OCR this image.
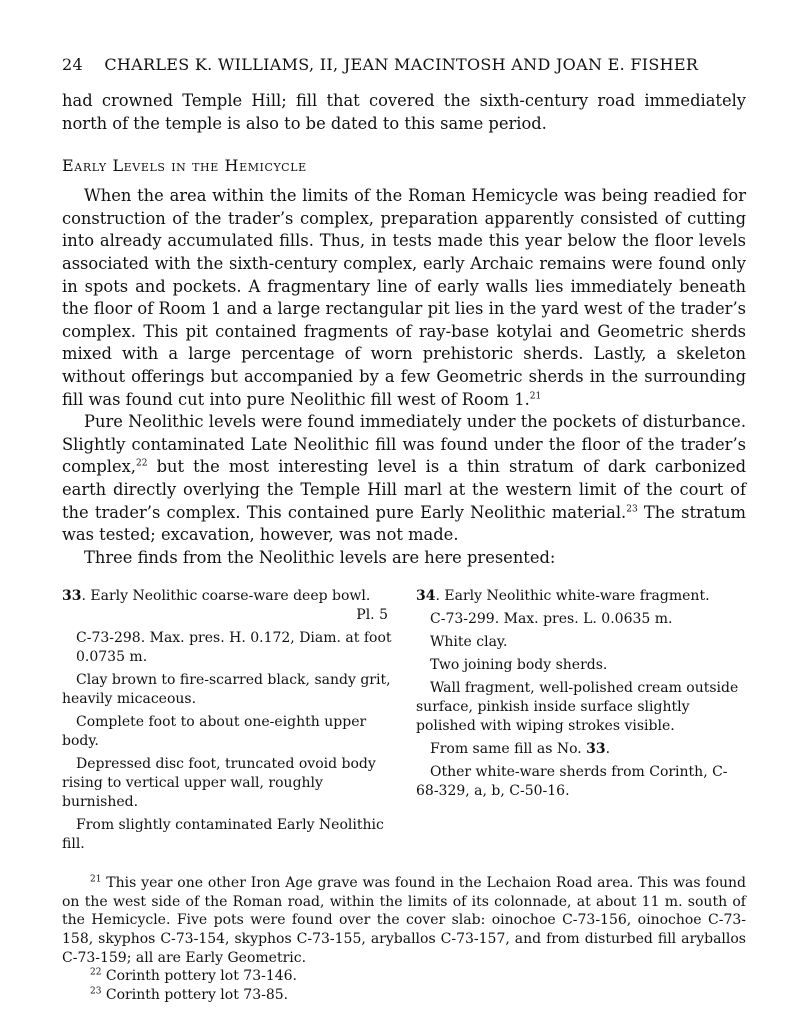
24 CHARLES K. WILLIAMS, II, JEAN MACINTOSH AND JOAN E. FISHER

had crowned Temple Hill; fill that covered the sixth-century road immediately north of the temple is also to be dated to this same period.

Early Levels in the Hemicycle

When the area within the limits of the Roman Hemicycle was being readied for construction of the trader’s complex, preparation apparently consisted of cutting into already accumulated fills. Thus, in tests made this year below the floor levels associated with the sixth-century complex, early Archaic remains were found only in spots and pockets. A fragmentary line of early walls lies immediately beneath the floor of Room 1 and a large rectangular pit lies in the yard west of the trader’s complex. This pit contained fragments of ray-base kotylai and Geometric sherds mixed with a large percentage of worn prehistoric sherds. Lastly, a skeleton without offerings but accompanied by a few Geometric sherds in the surrounding fill was found cut into pure Neolithic fill west of Room 1.21

Pure Neolithic levels were found immediately under the pockets of disturbance. Slightly contaminated Late Neolithic fill was found under the floor of the trader’s complex,$^{22}$ but the most interesting level is a thin stratum of dark carbonized earth directly overlying the Temple Hill marl at the western limit of the court of the trader’s complex. This contained pure Early Neolithic material.$^{23}$ The stratum was tested; excavation, however, was not made.

Three finds from the Neolithic levels are here presented:

33. Early Neolithic coarse-ware deep bowl.

Pl. 5

C-73-298. Max. pres. H. 0.172, Diam. at foot 0.0735 m.

Clay brown to fire-scarred black, sandy grit, heavily micaceous.

Complete foot to about one-eighth upper body.

Depressed disc foot, truncated ovoid body rising to vertical upper wall, roughly burnished.

From slightly contaminated Early Neolithic fill.

34. Early Neolithic white-ware fragment.

C-73-299. Max. pres. L. 0.0635 m.

White clay.

Two joining body sherds.

Wall fragment, well-polished cream outside surface, pinkish inside surface slightly polished with wiping strokes visible.

From same fill as No. 33.

Other white-ware sherds from Corinth, C-68-329, a, b, C-50-16.

$^{21}$ This year one other Iron Age grave was found in the Lechaion Road area. This was found on the west side of the Roman road, within the limits of its colonnade, at about 11 m. south of the Hemicycle. Five pots were found over the cover slab: oinochoe C-73-156, oinochoe C-73-158, skyphos C-73-154, skyphos C-73-155, aryballos C-73-157, and from disturbed fill aryballos C-73-159; all are Early Geometric.

$^{22}$ Corinth pottery lot 73-146.

$^{23}$ Corinth pottery lot 73-85.
